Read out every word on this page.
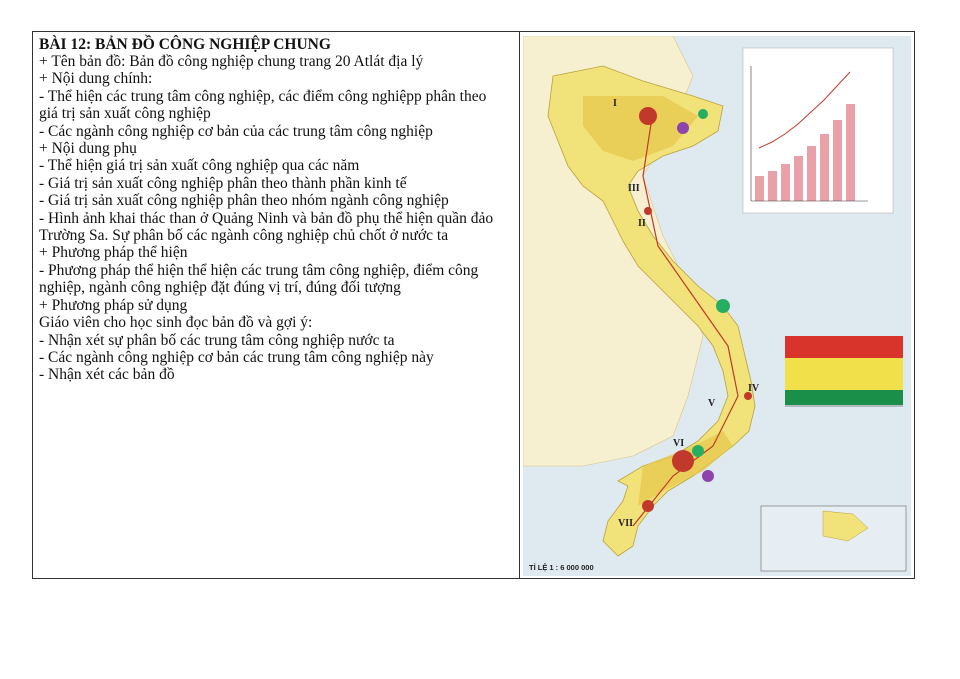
BÀI 12: BẢN ĐỒ CÔNG NGHIỆP CHUNG

+ Tên bản đồ: Bản đồ công nghiệp chung trang 20 Atlát địa lý

+ Nội dung chính:

- Thể hiện các trung tâm công nghiệp, các điểm công nghiệpp phân theo

giá trị sản xuất công nghiệp

- Các ngành công nghiệp cơ bản của các trung tâm công nghiệp

+ Nội dung phụ

- Thể hiện giá trị sản xuất công nghiệp qua các năm

- Giá trị sản xuất công nghiệp phân theo thành phần kinh tế

- Giá trị sản xuất công nghiệp phân theo nhóm ngành công nghiệp

- Hình ảnh khai thác than ở Quảng Ninh và bản đồ phụ thể hiện quần đảo

Trường Sa. Sự phân bố các ngành công nghiệp chủ chốt ở nước ta

+ Phương pháp thể hiện

- Phương pháp thể hiện thể hiện các trung tâm công nghiệp, điểm công

nghiệp, ngành công nghiệp đặt đúng vị trí, đúng đối tượng

+ Phương pháp sử dụng

Giáo viên cho học sinh đọc bản đồ và gợi ý:

- Nhận xét sự phân bố các trung tâm công nghiệp nước ta

- Các ngành công nghiệp cơ bản các trung tâm công nghiệp này

- Nhận xét các bản đồ

I
II
III
IV
V
VI
VII
TỈ LỆ 1 : 6 000 000
